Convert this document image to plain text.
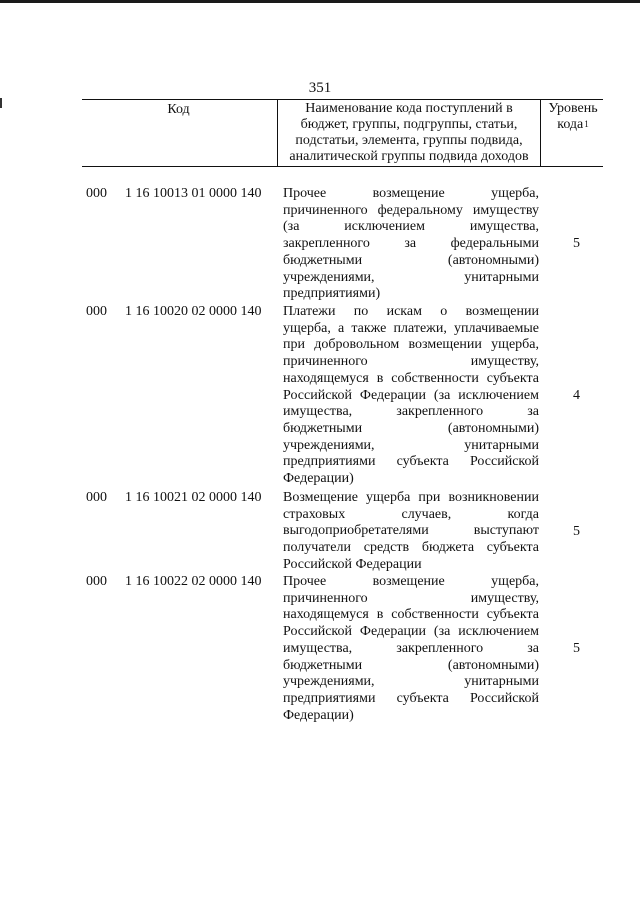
351
Код	Наименование кода поступлений в
бюджет, группы, подгруппы, статьи,
подстатьи, элемента, группы подвида,
аналитической группы подвида доходов
Уровень
кода$^1$
000 1 16 10013 01 0000 140 Прочее возмещение ущерба,
причиненного федеральному имуществу
(за исключением имущества,
закрепленного за федеральными
бюджетными (автономными)
учреждениями, унитарными
предприятиями)
5
000 1 16 10020 02 0000 140 Платежи по искам о возмещении
ущерба, а также платежи, уплачиваемые
при добровольном возмещении ущерба,
причиненного имуществу,
находящемуся в собственности субъекта
Российской Федерации (за исключением
имущества, закрепленного за
бюджетными (автономными)
учреждениями, унитарными
предприятиями субъекта Российской
Федерации)
4
000 1 16 10021 02 0000 140 Возмещение ущерба при возникновении
страховых случаев, когда
выгодоприобретателями выступают
получатели средств бюджета субъекта
Российской Федерации
5
000 1 16 10022 02 0000 140 Прочее возмещение ущерба,
причиненного имуществу,
находящемуся в собственности субъекта
Российской Федерации (за исключением
имущества, закрепленного за
бюджетными (автономными)
учреждениями, унитарными
предприятиями субъекта Российской
Федерации)
5
